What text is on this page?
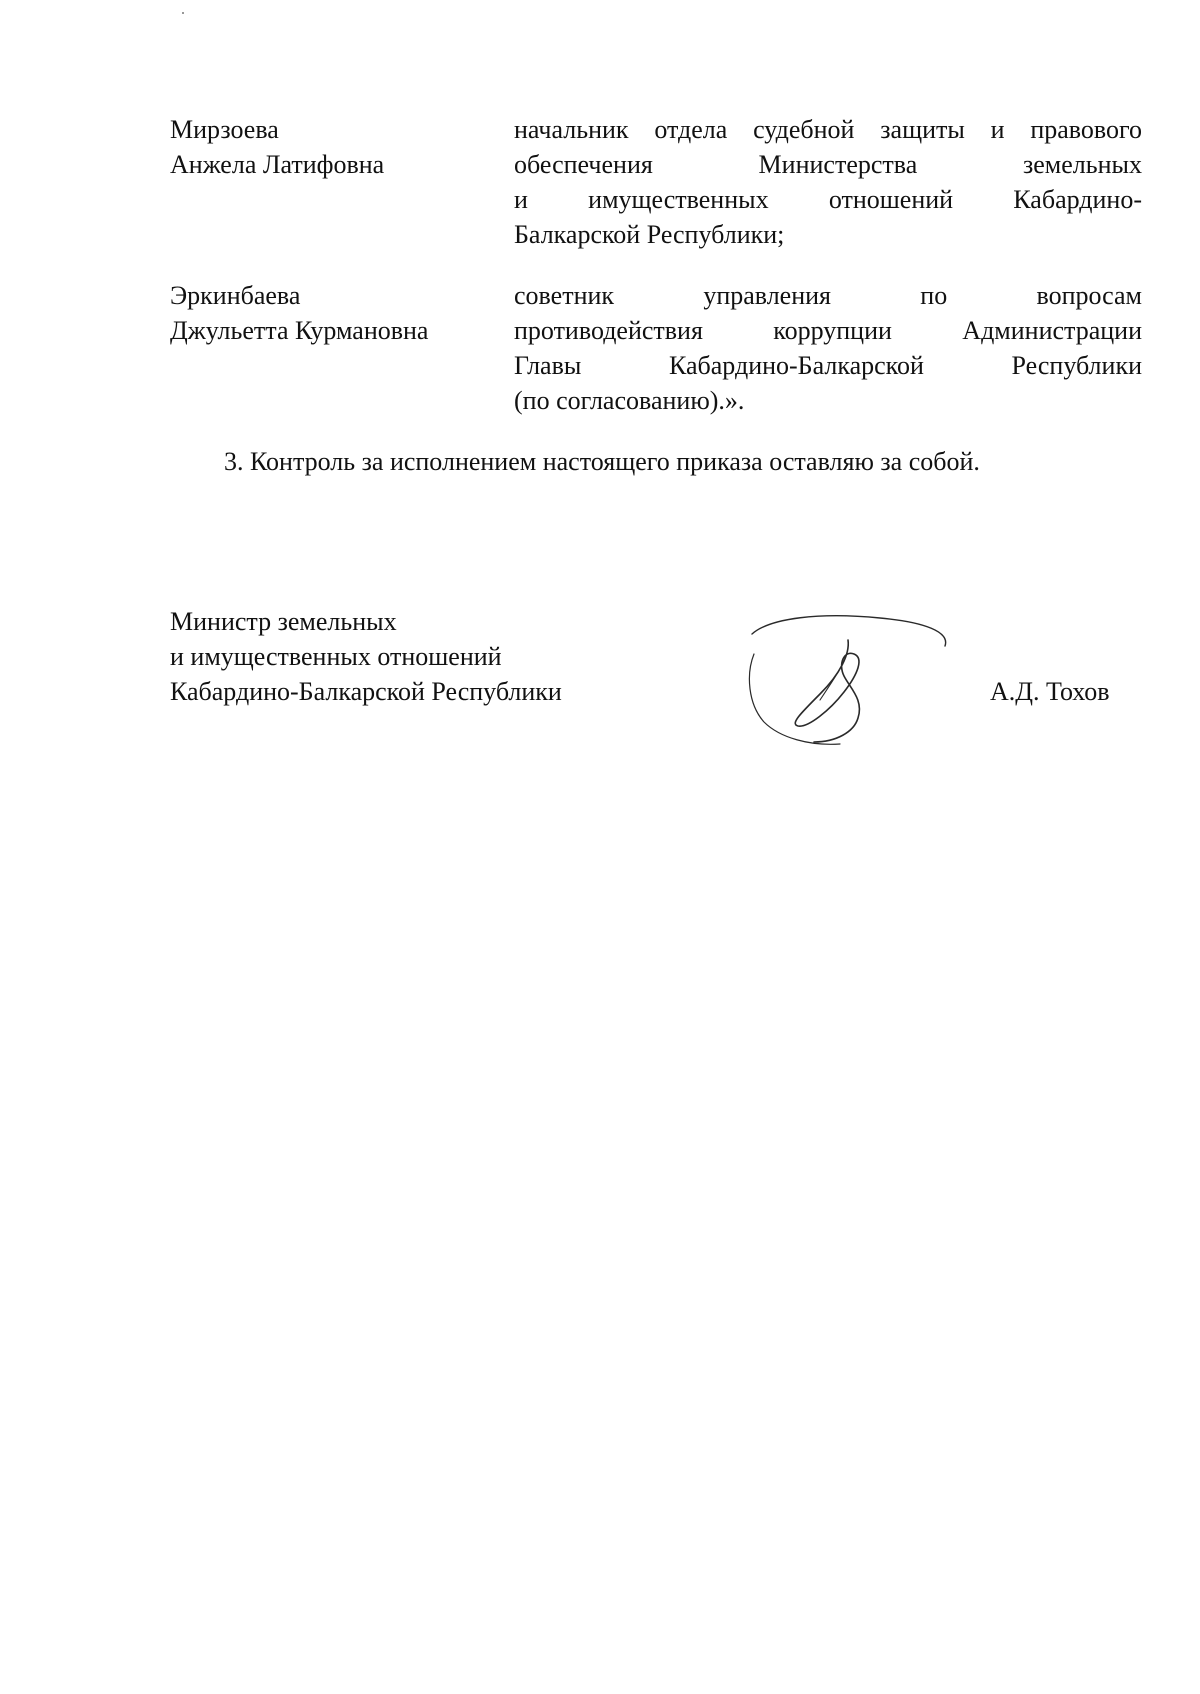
Мирзоева
Анжела Латифовна
начальник отдела судебной защиты и правового
обеспечения Министерства земельных
и имущественных отношений Кабардино-
Балкарской Республики;
Эркинбаева
Джульетта Курмановна
советник управления по вопросам
противодействия коррупции Администрации
Главы Кабардино-Балкарской Республики
(по согласованию).».
3. Контроль за исполнением настоящего приказа оставляю за собой.
Министр земельных
и имущественных отношений
Кабардино-Балкарской Республики	А.Д. Тохов
